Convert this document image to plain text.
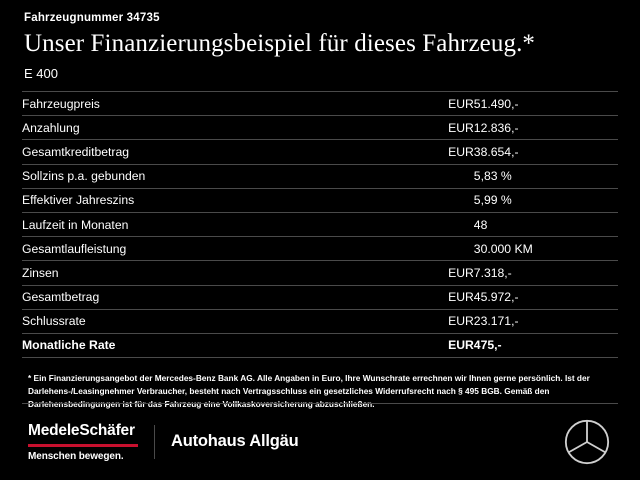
Fahrzeugnummer 34735
Unser Finanzierungsbeispiel für dieses Fahrzeug.*
E 400
Fahrzeugpreis	EUR	51.490,-
Anzahlung	EUR	12.836,-
Gesamtkreditbetrag	EUR	38.654,-
Sollzins p.a. gebunden		5,83 %
Effektiver Jahreszins		5,99 %
Laufzeit in Monaten		48
Gesamtlaufleistung		30.000 KM
Zinsen	EUR	7.318,-
Gesamtbetrag	EUR	45.972,-
Schlussrate	EUR	23.171,-
Monatliche Rate	EUR	475,-
* Ein Finanzierungsangebot der Mercedes-Benz Bank AG. Alle Angaben in Euro, Ihre Wunschrate errechnen wir Ihnen gerne persönlich. Ist der Darlehens-/Leasingnehmer Verbraucher, besteht nach Vertragsschluss ein gesetzliches Widerrufsrecht nach § 495 BGB. Gemäß den Darlehensbedingungen ist für das Fahrzeug eine Vollkaskoversicherung abzuschließen.
MedeleSchäfer
Menschen bewegen.
Autohaus Allgäu
